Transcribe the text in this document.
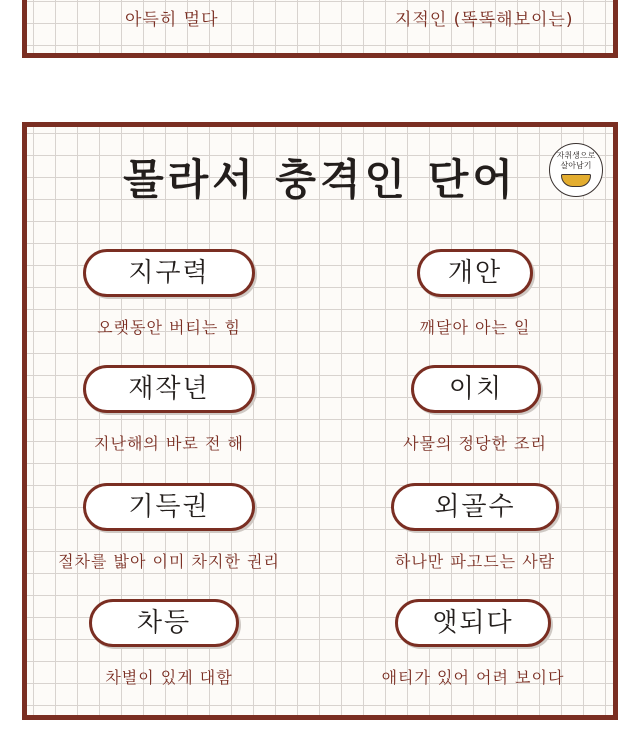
아득히 멀다	지적인 (똑똑해보이는)
몰라서 충격인 단어	자취생으로
살아남기
지구력
오랫동안 버티는 힘
개안
깨달아 아는 일
재작년
지난해의 바로 전 해
이치
사물의 정당한 조리
기득권
절차를 밟아 이미 차지한 권리
외골수
하나만 파고드는 사람
차등
차별이 있게 대함
앳되다
애티가 있어 어려 보이다
